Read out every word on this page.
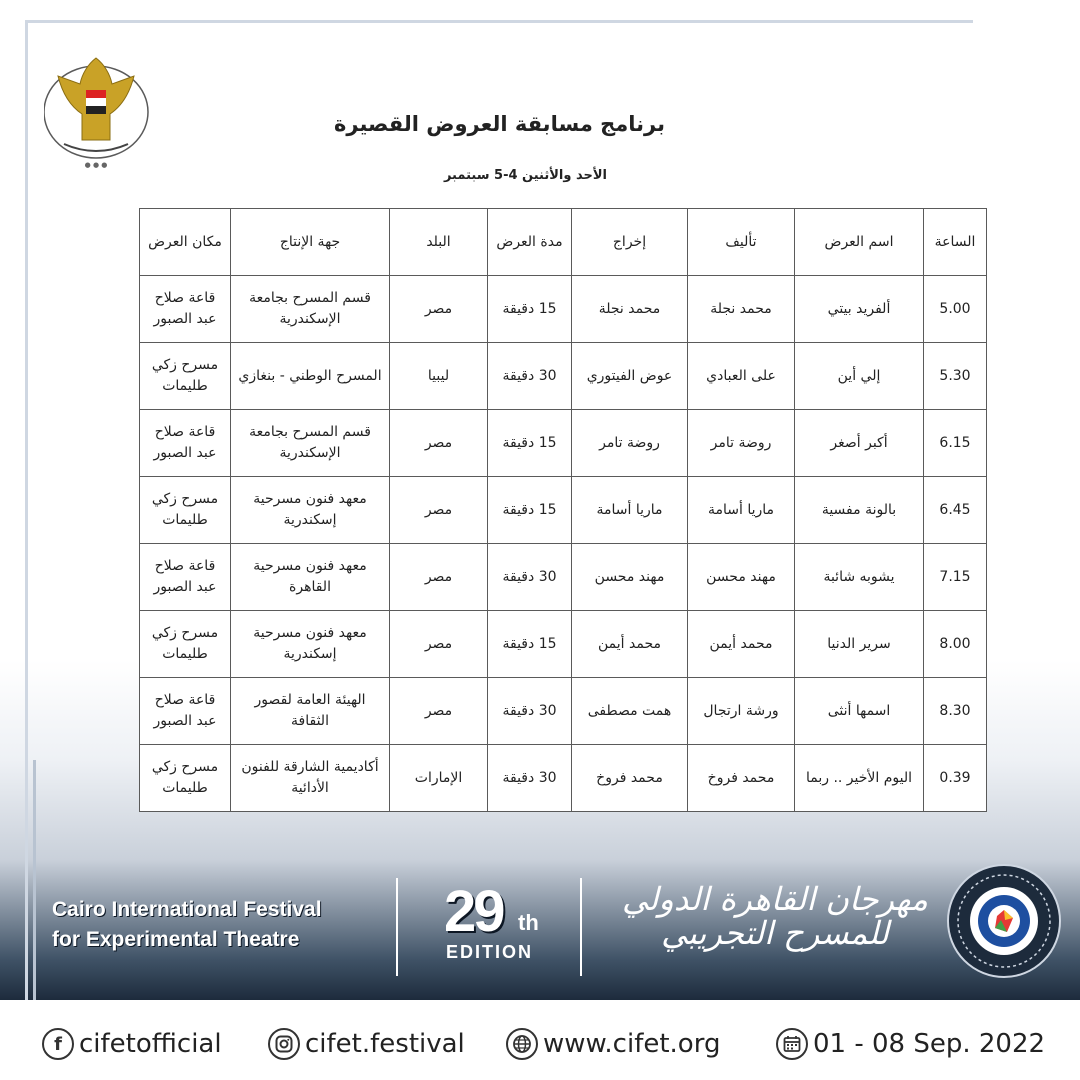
● ● ●
برنامج مسابقة العروض القصيرة
الأحد والأثنين 4-5 سبتمبر
الساعة	اسم العرض	تأليف	إخراج	مدة العرض	البلد	جهة الإنتاج	مكان العرض
5.00	ألفريد بيتي	محمد نجلة	محمد نجلة	15 دقيقة	مصر	قسم المسرح بجامعة الإسكندرية	قاعة صلاح عبد الصبور
5.30	إلي أين	على العبادي	عوض الفيتوري	30 دقيقة	ليبيا	المسرح الوطني - بنغازي	مسرح زكي طليمات
6.15	أكبر أصغر	روضة تامر	روضة تامر	15 دقيقة	مصر	قسم المسرح بجامعة الإسكندرية	قاعة صلاح عبد الصبور
6.45	بالونة مفسية	ماريا أسامة	ماريا أسامة	15 دقيقة	مصر	معهد فنون مسرحية إسكندرية	مسرح زكي طليمات
7.15	يشوبه شائبة	مهند محسن	مهند محسن	30 دقيقة	مصر	معهد فنون مسرحية القاهرة	قاعة صلاح عبد الصبور
8.00	سرير الدنيا	محمد أيمن	محمد أيمن	15 دقيقة	مصر	معهد فنون مسرحية إسكندرية	مسرح زكي طليمات
8.30	اسمها أنثى	ورشة ارتجال	همت مصطفى	30 دقيقة	مصر	الهيئة العامة لقصور الثقافة	قاعة صلاح عبد الصبور
0.39	اليوم الأخير .. ربما	محمد فروخ	محمد فروخ	30 دقيقة	الإمارات	أكاديمية الشارقة للفنون الأدائية	مسرح زكي طليمات
Cairo International Festival
for Experimental Theatre	29 th
EDITION
مهرجان القاهرة الدولي للمسرح التجريبي
f cifetofficial	cifet.festival	www.cifet.org	01 - 08 Sep. 2022
